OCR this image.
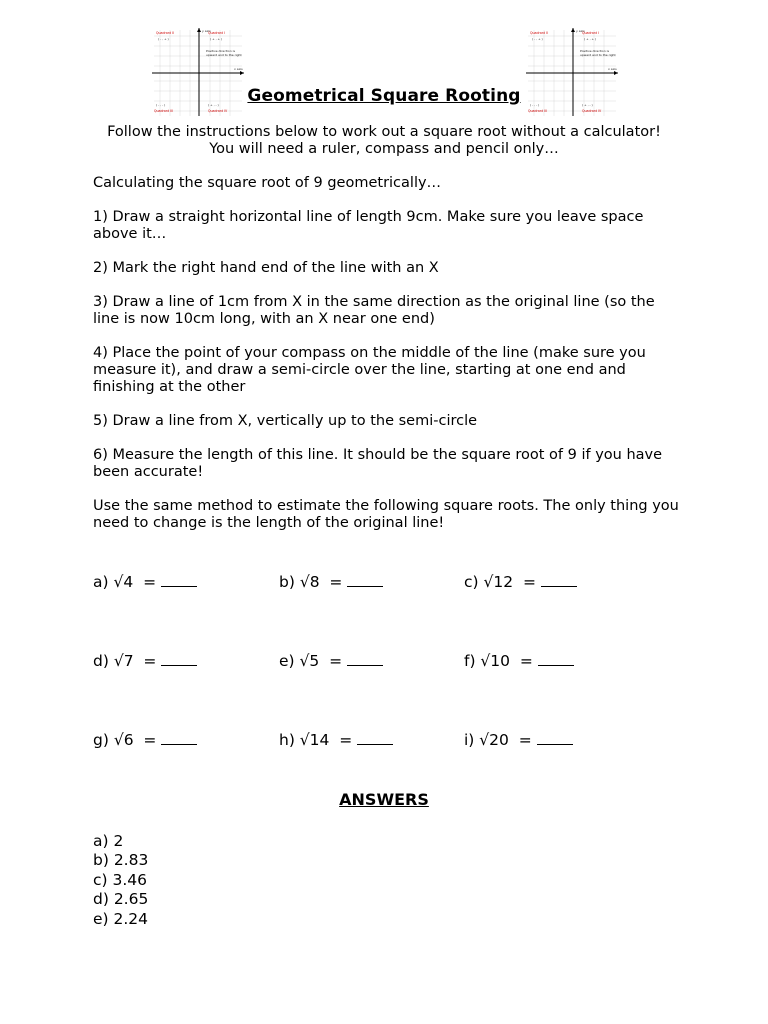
y axis
x axis
Quadrant II
( - , + )
Quadrant I
( + , + )
Positive direction is
upward and to the right
( - , - )
Quadrant III
( + , - )
Quadrant IV
y axis
x axis
Quadrant II
( - , + )
Quadrant I
( + , + )
Positive direction is
upward and to the right
( - , - )
Quadrant III
( + , - )
Quadrant IV
Geometrical Square Rooting
Follow the instructions below to work out a square root without a calculator! You will need a ruler, compass and pencil only…
Calculating the square root of 9 geometrically…
1) Draw a straight horizontal line of length 9cm. Make sure you leave space above it…
2) Mark the right hand end of the line with an X
3) Draw a line of 1cm from X in the same direction as the original line (so the line is now 10cm long, with an X near one end)
4) Place the point of your compass on the middle of the line (make sure you measure it), and draw a semi-circle over the line, starting at one end and finishing at the other
5) Draw a line from X, vertically up to the semi-circle
6) Measure the length of this line. It should be the square root of 9 if you have been accurate!
Use the same method to estimate the following square roots. The only thing you need to change is the length of the original line!
a) √4  =	b) √8  =	c) √12  =
d) √7  =	e) √5  =	f) √10  =
g) √6  =	h) √14  =	i) √20  =
ANSWERS
a) 2
b) 2.83
c) 3.46
d) 2.65
e) 2.24
